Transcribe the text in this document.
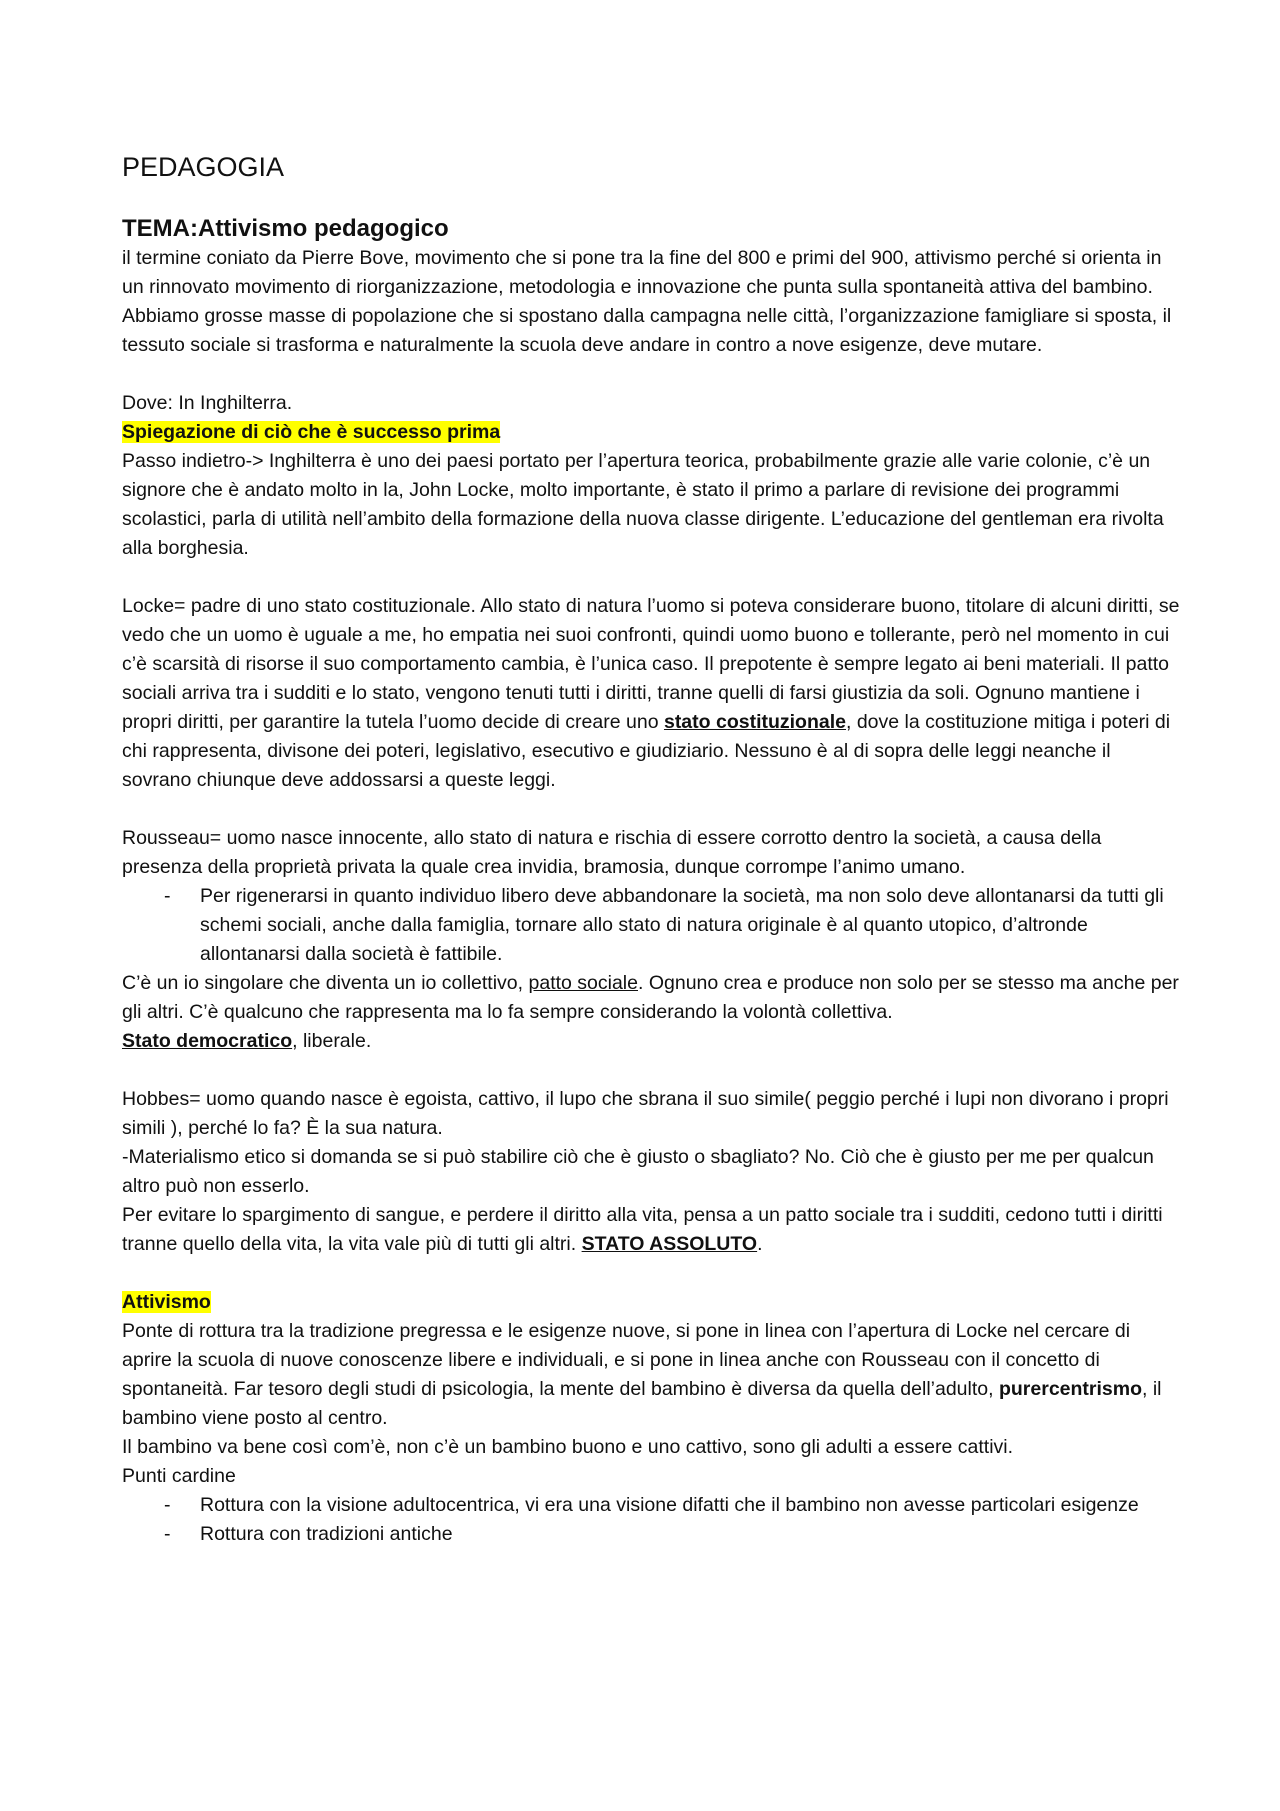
PEDAGOGIA
TEMA:Attivismo pedagogico

il termine coniato da Pierre Bove, movimento che si pone tra la fine del 800 e primi del 900, attivismo perché si orienta in un rinnovato movimento di riorganizzazione, metodologia e innovazione che punta sulla spontaneità attiva del bambino.

Abbiamo grosse masse di popolazione che si spostano dalla campagna nelle città, l’organizzazione famigliare si sposta, il tessuto sociale si trasforma e naturalmente la scuola deve andare in contro a nove esigenze, deve mutare.

Dove: In Inghilterra.

Spiegazione di ciò che è successo prima

Passo indietro-> Inghilterra è uno dei paesi portato per l’apertura teorica, probabilmente grazie alle varie colonie, c’è un signore che è andato molto in la, John Locke, molto importante, è stato il primo a parlare di revisione dei programmi scolastici, parla di utilità nell’ambito della formazione della nuova classe dirigente. L’educazione del gentleman era rivolta alla borghesia.

Locke= padre di uno stato costituzionale. Allo stato di natura l’uomo si poteva considerare buono, titolare di alcuni diritti, se vedo che un uomo è uguale a me, ho empatia nei suoi confronti, quindi uomo buono e tollerante, però nel momento in cui c’è scarsità di risorse il suo comportamento cambia, è l’unica caso. Il prepotente è sempre legato ai beni materiali. Il patto sociali arriva tra i sudditi e lo stato, vengono tenuti tutti i diritti, tranne quelli di farsi giustizia da soli. Ognuno mantiene i propri diritti, per garantire la tutela l’uomo decide di creare uno stato costituzionale, dove la costituzione mitiga i poteri di chi rappresenta, divisone dei poteri, legislativo, esecutivo e giudiziario. Nessuno è al di sopra delle leggi neanche il sovrano chiunque deve addossarsi a queste leggi.

Rousseau= uomo nasce innocente, allo stato di natura e rischia di essere corrotto dentro la società, a causa della presenza della proprietà privata la quale crea invidia, bramosia, dunque corrompe l’animo umano.

- Per rigenerarsi in quanto individuo libero deve abbandonare la società, ma non solo deve allontanarsi da tutti gli schemi sociali, anche dalla famiglia, tornare allo stato di natura originale è al quanto utopico, d’altronde allontanarsi dalla società è fattibile.

C’è un io singolare che diventa un io collettivo, patto sociale. Ognuno crea e produce non solo per se stesso ma anche per gli altri. C’è qualcuno che rappresenta ma lo fa sempre considerando la volontà collettiva.

Stato democratico, liberale.

Hobbes= uomo quando nasce è egoista, cattivo, il lupo che sbrana il suo simile( peggio perché i lupi non divorano i propri simili ), perché lo fa? È la sua natura.

-Materialismo etico si domanda se si può stabilire ciò che è giusto o sbagliato? No. Ciò che è giusto per me per qualcun altro può non esserlo.

Per evitare lo spargimento di sangue, e perdere il diritto alla vita, pensa a un patto sociale tra i sudditi, cedono tutti i diritti tranne quello della vita, la vita vale più di tutti gli altri. STATO ASSOLUTO.

Attivismo

Ponte di rottura tra la tradizione pregressa e le esigenze nuove, si pone in linea con l’apertura di Locke nel cercare di aprire la scuola di nuove conoscenze libere e individuali, e si pone in linea anche con Rousseau con il concetto di spontaneità. Far tesoro degli studi di psicologia, la mente del bambino è diversa da quella dell’adulto, purercentrismo, il bambino viene posto al centro.

Il bambino va bene così com’è, non c’è un bambino buono e uno cattivo, sono gli adulti a essere cattivi.

Punti cardine

- Rottura con la visione adultocentrica, vi era una visione difatti che il bambino non avesse particolari esigenze
- Rottura con tradizioni antiche
